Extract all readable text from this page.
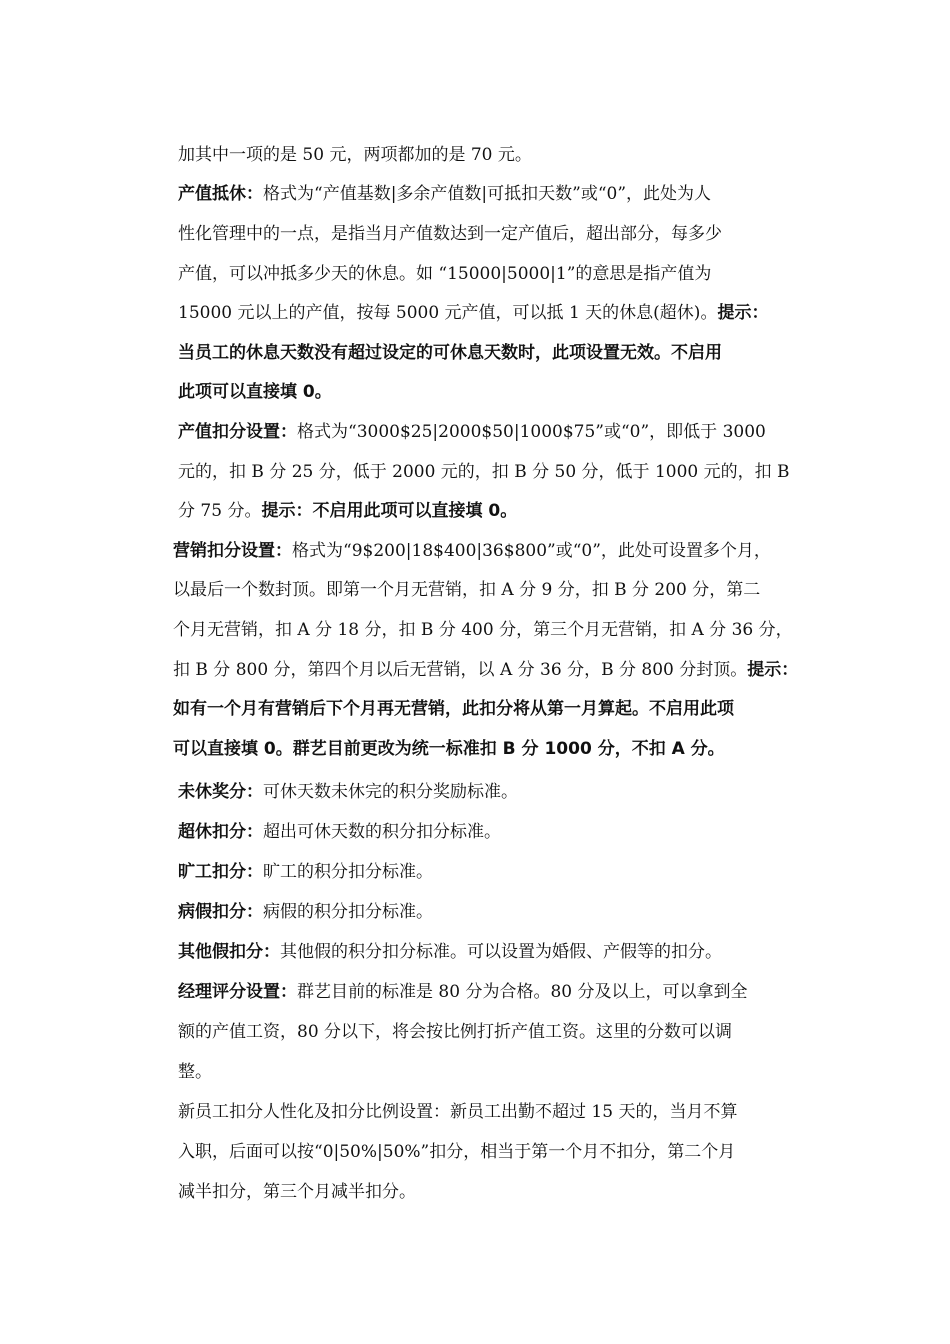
加其中一项的是 50 元，两项都加的是 70 元。
产值抵休：格式为“产值基数|多余产值数|可抵扣天数”或“0”，此处为人
性化管理中的一点，是指当月产值数达到一定产值后，超出部分，每多少
产值，可以冲抵多少天的休息。如 “15000|5000|1”的意思是指产值为
15000 元以上的产值，按每 5000 元产值，可以抵 1 天的休息(超休)。提示：
当员工的休息天数没有超过设定的可休息天数时，此项设置无效。不启用
此项可以直接填 0。
产值扣分设置：格式为“3000$25|2000$50|1000$75”或“0”，即低于 3000
元的，扣 B 分 25 分，低于 2000 元的，扣 B 分 50 分，低于 1000 元的，扣 B
分 75 分。提示：不启用此项可以直接填 0。
营销扣分设置：格式为“9$200|18$400|36$800”或“0”，此处可设置多个月，
以最后一个数封顶。即第一个月无营销，扣 A 分 9 分，扣 B 分 200 分，第二
个月无营销，扣 A 分 18 分，扣 B 分 400 分，第三个月无营销，扣 A 分 36 分，
扣 B 分 800 分，第四个月以后无营销，以 A 分 36 分，B 分 800 分封顶。提示：
如有一个月有营销后下个月再无营销，此扣分将从第一月算起。不启用此项
可以直接填 0。群艺目前更改为统一标准扣 B 分 1000 分，不扣 A 分。
未休奖分：可休天数未休完的积分奖励标准。
超休扣分：超出可休天数的积分扣分标准。
旷工扣分：旷工的积分扣分标准。
病假扣分：病假的积分扣分标准。
其他假扣分：其他假的积分扣分标准。可以设置为婚假、产假等的扣分。
经理评分设置：群艺目前的标准是 80 分为合格。80 分及以上，可以拿到全
额的产值工资，80 分以下，将会按比例打折产值工资。这里的分数可以调
整。
新员工扣分人性化及扣分比例设置：新员工出勤不超过 15 天的，当月不算
入职，后面可以按“0|50%|50%”扣分，相当于第一个月不扣分，第二个月
减半扣分，第三个月减半扣分。
